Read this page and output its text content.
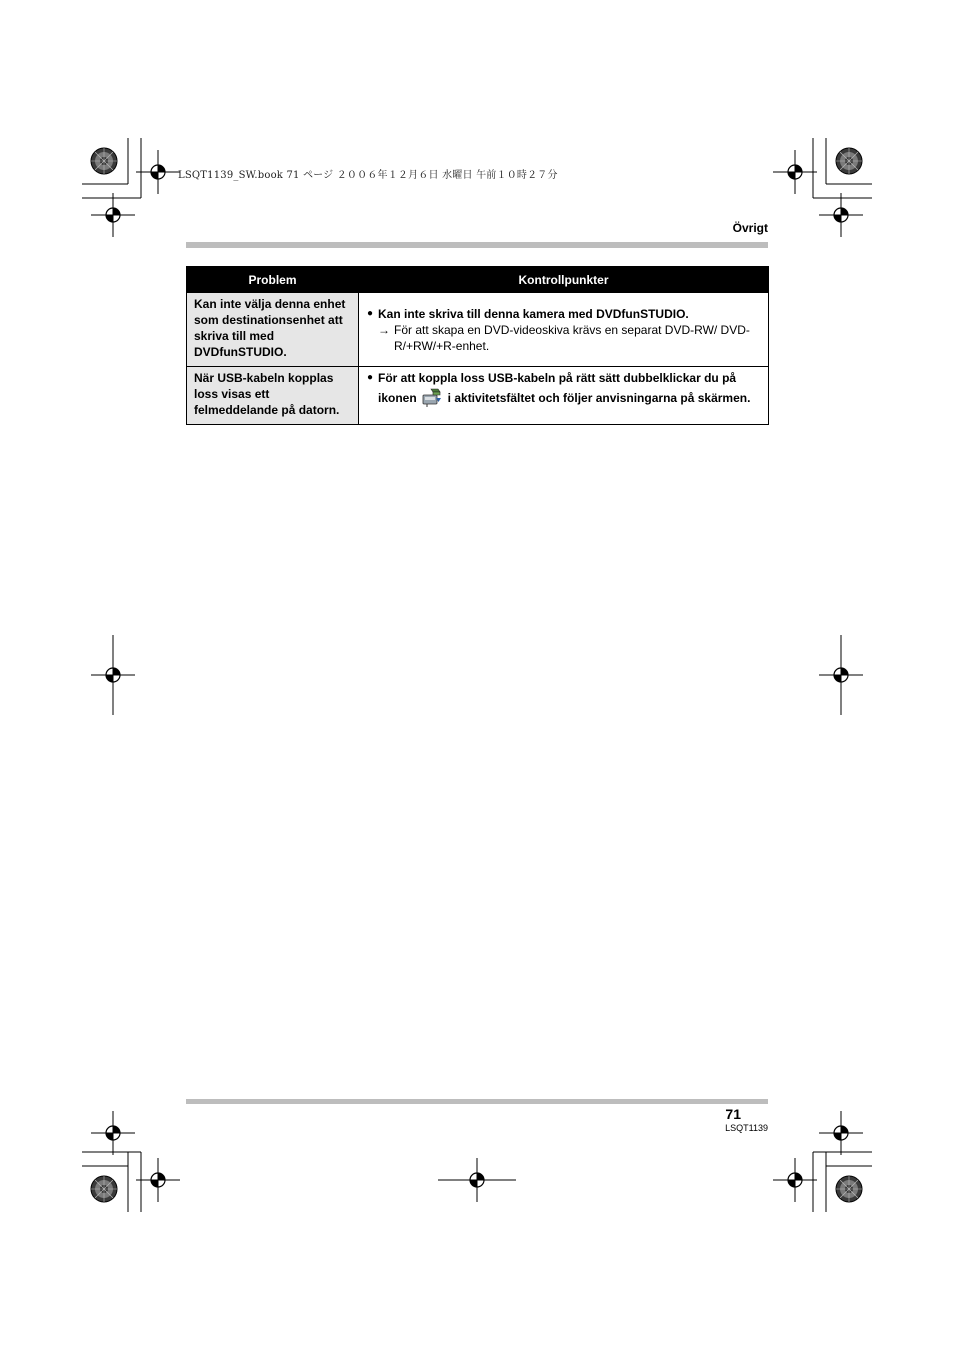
LSQT1139_SW.book 71 ページ ２００６年１２月６日 水曜日 午前１０時２７分
Övrigt
Problem	Kontrollpunkter
Kan inte välja denna enhet som destinationsenhet att skriva till med DVDfunSTUDIO.	● Kan inte skriva till denna kamera med DVDfunSTUDIO.
→ För att skapa en DVD-videoskiva krävs en separat DVD-RW/ DVD-R/+RW/+R-enhet.

När USB-kabeln kopplas loss visas ett felmeddelande på datorn.	● För att koppla loss USB-kabeln på rätt sätt dubbelklickar du på ikonen i aktivitetsfältet och följer anvisningarna på skärmen.
71
LSQT1139
